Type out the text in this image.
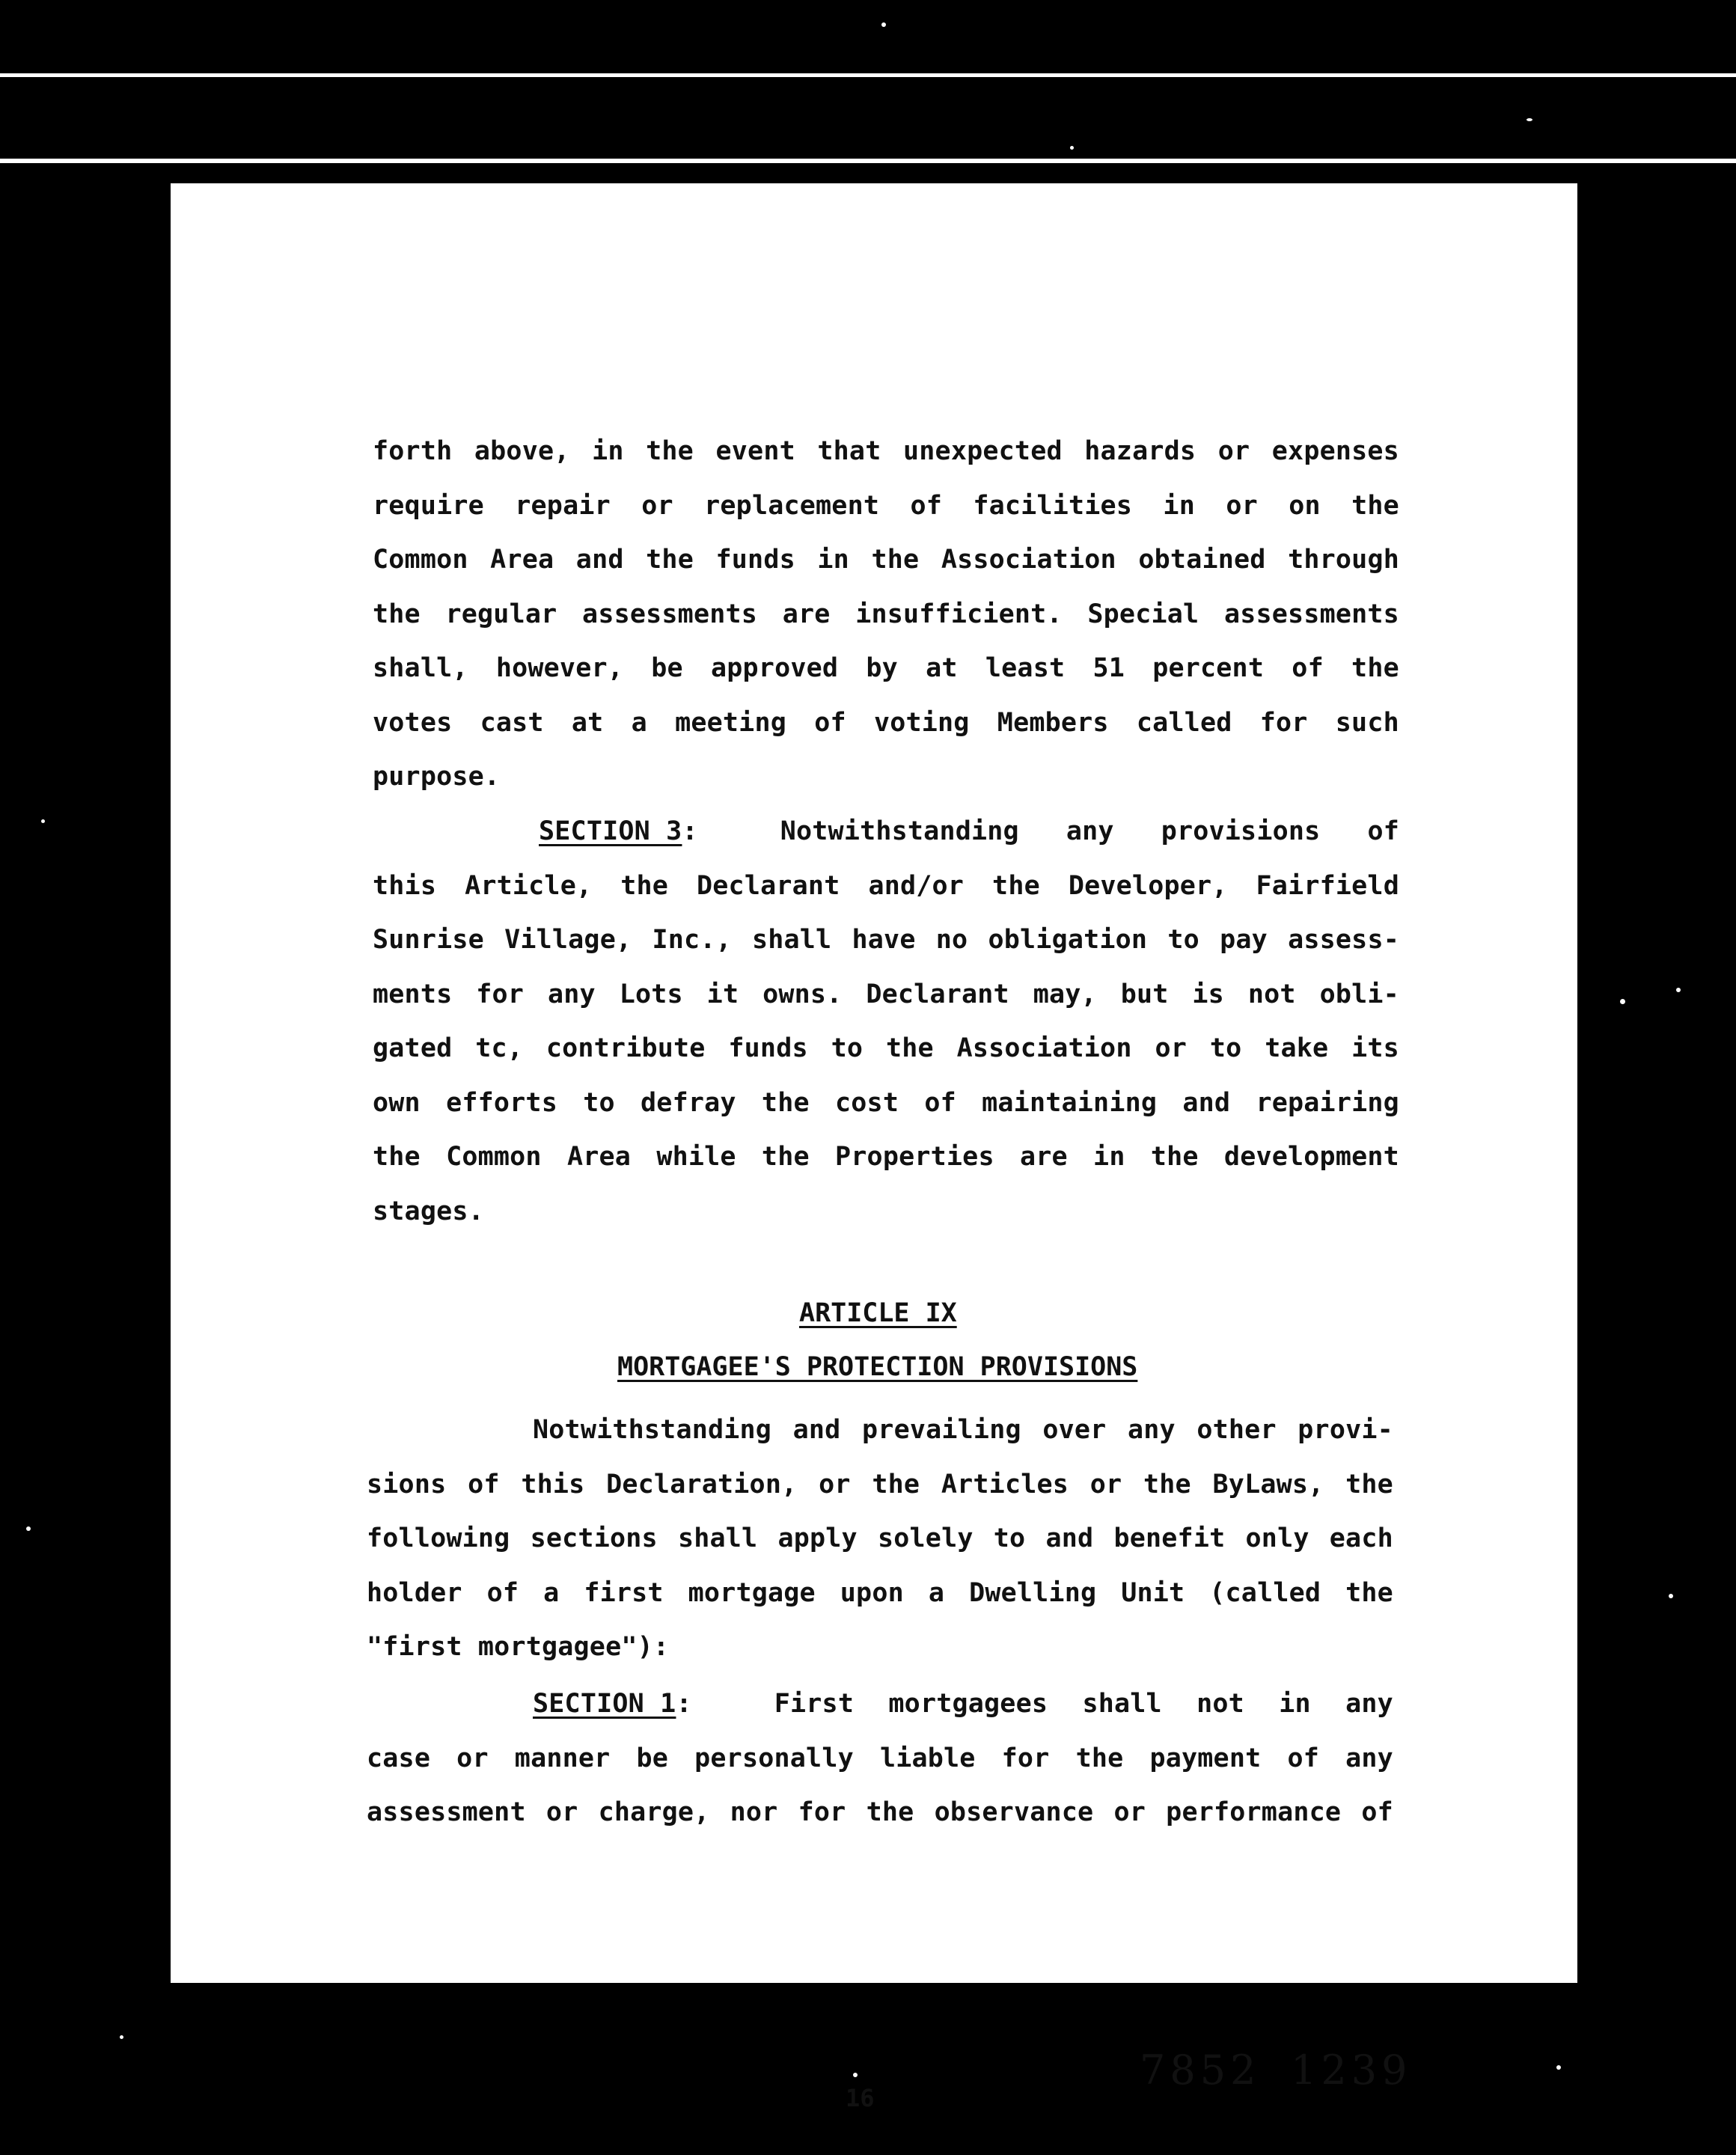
forth above, in the event that unexpected hazards or expenses
require repair or replacement of facilities in or on the
Common Area and the funds in the Association obtained through
the regular assessments are insufficient. Special assessments
shall, however, be approved by at least 51 percent of the
votes cast at a meeting of voting Members called for such
purpose.
SECTION 3 :	Notwithstanding any provisions of
this Article, the Declarant and/or the Developer, Fairfield
Sunrise Village, Inc., shall have no obligation to pay assess-
ments for any Lots it owns. Declarant may, but is not obli-
gated tc, contribute funds to the Association or to take its
own efforts to defray the cost of maintaining and repairing
the Common Area while the Properties are in the development
stages.
ARTICLE IX
MORTGAGEE'S PROTECTION PROVISIONS
Notwithstanding and prevailing over any other provi-
sions of this Declaration, or the Articles or the ByLaws, the
following sections shall apply solely to and benefit only each
holder of a first mortgage upon a Dwelling Unit (called the
"first mortgagee"):
SECTION 1 :	First mortgagees shall not in any
case or manner be personally liable for the payment of any
assessment or charge, nor for the observance or performance of
7852 1239
16
